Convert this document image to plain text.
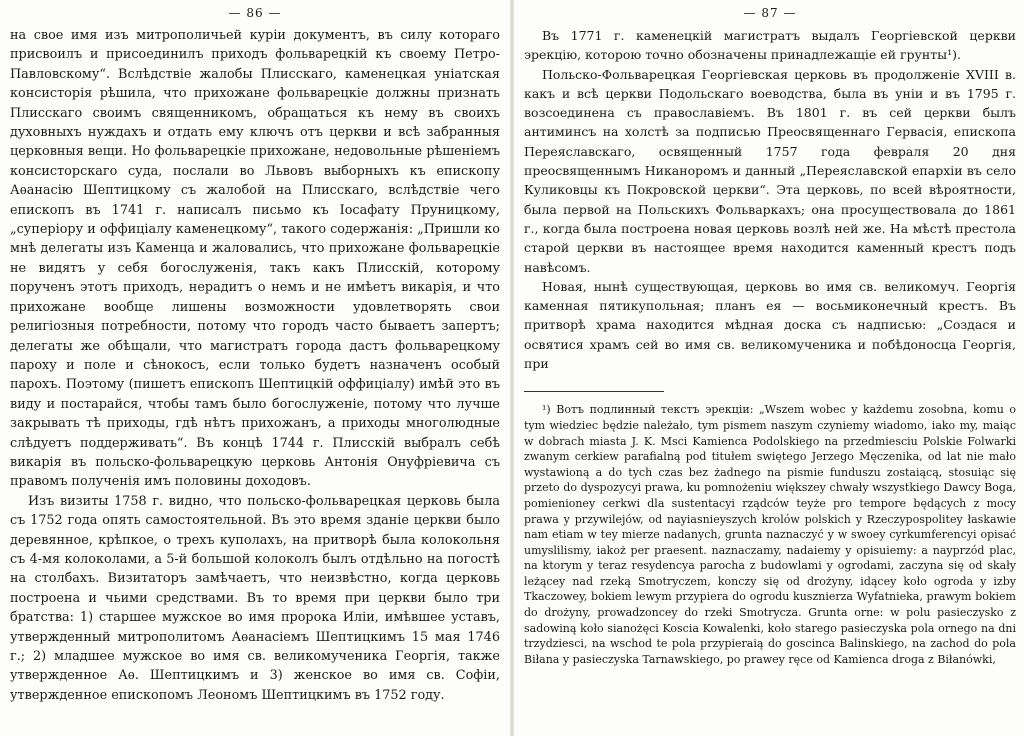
— 86 —

на свое имя изъ митрополичьей куріи документъ, въ силу котораго присвоилъ и присоединилъ приходъ фольварецкій къ своему Петро-Павловскому“. Вслѣдствіе жалобы Плисскаго, каменецкая уніатская консисторія рѣшила, что прихожане фольварецкіе должны признать Плисскаго своимъ священникомъ, обращаться къ нему въ своихъ духовныхъ нуждахъ и отдать ему ключъ отъ церкви и всѣ забранныя церковныя вещи. Но фольварецкіе прихожане, недовольные рѣшеніемъ консисторскаго суда, послали во Львовъ выборныхъ къ епископу Аѳанасію Шептицкому съ жалобой на Плисскаго, вслѣдствіе чего епископъ въ 1741 г. написалъ письмо къ Іосафату Пруницкому, „суперіору и оффиціалу каменецкому“, такого содержанія: „Пришли ко мнѣ делегаты изъ Каменца и жаловались, что прихожане фольварецкіе не видятъ у себя богослуженія, такъ какъ Плисскій, которому порученъ этотъ приходъ, нерадитъ о немъ и не имѣетъ викарія, и что прихожане вообще лишены возможности удовлетворять свои религіозныя потребности, потому что городъ часто бываетъ запертъ; делегаты же обѣщали, что магистратъ города дастъ фольварецкому пароху и поле и сѣнокосъ, если только будетъ назначенъ особый парохъ. Поэтому (пишетъ епископъ Шептицкій оффиціалу) имѣй это въ виду и постарайся, чтобы тамъ было богослуженіе, потому что лучше закрывать тѣ приходы, гдѣ нѣтъ прихожанъ, а приходы многолюдные слѣдуетъ поддерживать“. Въ концѣ 1744 г. Плисскій выбралъ себѣ викарія въ польско-фольварецкую церковь Антонія Онуфріевича съ правомъ полученія имъ половины доходовъ.

Изъ визиты 1758 г. видно, что польско-фольварецкая церковь была съ 1752 года опять самостоятельной. Въ это время зданіе церкви было деревянное, крѣпкое, о трехъ куполахъ, на притворѣ была колокольня съ 4-мя колоколами, а 5-й большой колоколъ былъ отдѣльно на погостѣ на столбахъ. Визитаторъ замѣчаетъ, что неизвѣстно, когда церковь построена и чьими средствами. Въ то время при церкви было три братства: 1) старшее мужское во имя пророка Иліи, имѣвшее уставъ, утвержденный митрополитомъ Аѳанасіемъ Шептицкимъ 15 мая 1746 г.; 2) младшее мужское во имя св. великомученика Георгія, также утвержденное Аѳ. Шептицкимъ и 3) женское во имя св. Софіи, утвержденное епископомъ Леономъ Шептицкимъ въ 1752 году.

— 87 —

Въ 1771 г. каменецкій магистратъ выдалъ Георгіевской церкви эрекцію, которою точно обозначены принадлежащіе ей грунты¹).

Польско-Фольварецкая Георгіевская церковь въ продолженіе XVIII в. какъ и всѣ церкви Подольскаго воеводства, была въ уніи и въ 1795 г. возсоединена съ православіемъ. Въ 1801 г. въ сей церкви былъ антиминсъ на холстѣ за подписью Преосвященнаго Гервасія, епископа Переяславскаго, освященный 1757 года февраля 20 дня преосвященнымъ Никанoромъ и данный „Переяславской епархіи въ село Куликовцы къ Покровской церкви“. Эта церковь, по всей вѣроятности, была первой на Польскихъ Фольваркахъ; она просуществовала до 1861 г., когда была построена новая церковь возлѣ ней же. На мѣстѣ престола старой церкви въ настоящее время находится каменный крестъ подъ навѣсомъ.

Новая, нынѣ существующая, церковь во имя св. великомуч. Георгія каменная пятикупольная; планъ ея — восьмиконечный крестъ. Въ притворѣ храма находится мѣдная доска съ надписью: „Создася и освятися храмъ сей во имя св. великомученика и побѣдоносца Георгія, при

¹) Вотъ подлинный текстъ эрекціи: „Wszem wobec y każdemu zosobna, komu o tym wiedziec będzie należało, tym pismem naszym czyniemy wiadomo, iako my, maiąc w dobrach miasta J. K. Msci Kamienca Podolskiego na przedmiesciu Polskie Folwarki zwanym cerkiew parafialną pod titułem swiętego Jerzego Męczenika, od lat nie mało wystawioną a do tych czas bez żadnego na pismie funduszu zostaiącą, stosuiąc się przeto do dyspozycyi prawa, ku pomnożeniu większey chwały wszystkiego Dawcy Boga, pomienioney cerkwi dla sustentacyi rządców teyże pro tempore będących z mocy prawa y przywilejów, od nayiasnieyszych krolów polskich y Rzeczypospolitey łaskawie nam etiam w tey mierze nadanych, grunta naznaczyć y w swoey cyrkumferencyi opisać umyslilismy, iakoż per praesent. naznaczamy, nadaiemy y opisuiemy: a nayprzód plac, na ktorym y teraz resydencya parocha z budowlami y ogrodami, zaczyna się od skały leżącey nad rzeką Smotryczem, konczy się od drożyny, idącey koło ogroda y izby Tkaczowey, bokiem lewym przypiera do ogrodu kusznierza Wyfatnieka, prawym bokiem do drożyny, prowadzoncey do rzeki Smotrycza. Grunta orne: w polu pasieczysko z sadowiną koło sianożęci Koscia Kowalenki, koło starego pasieczyska pola ornego na dni trzydziesci, na wschod te pola przypieraią do goscinca Balinskiego, na zachod do pola Biłana y pasieczyska Tarnawskiego, po prawey ręce od Kamienca droga z Biłanówki,
